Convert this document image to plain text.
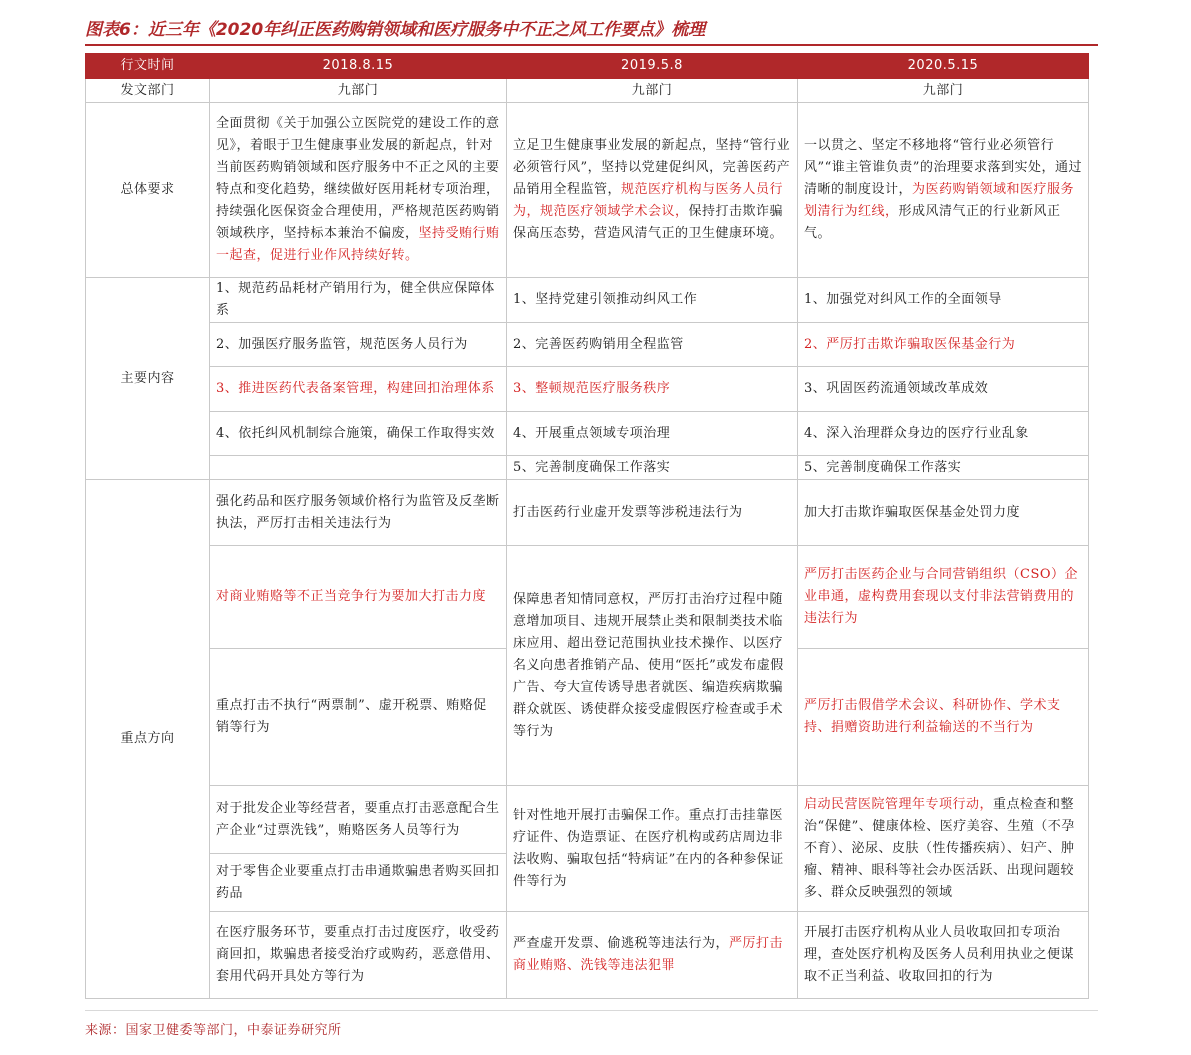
图表6：近三年《2020年纠正医药购销领域和医疗服务中不正之风工作要点》梳理
行文时间	2018.8.15	2019.5.8	2020.5.15
发文部门	九部门	九部门	九部门
总体要求	全面贯彻《关于加强公立医院党的建设工作的意见》，着眼于卫生健康事业发展的新起点，针对当前医药购销领域和医疗服务中不正之风的主要特点和变化趋势，继续做好医用耗材专项治理，持续强化医保资金合理使用，严格规范医药购销领域秩序，坚持标本兼治不偏废，坚持受贿行贿一起查，促进行业作风持续好转。	立足卫生健康事业发展的新起点，坚持“管行业必须管行风”，坚持以党建促纠风，完善医药产品销用全程监管，规范医疗机构与医务人员行为，规范医疗领域学术会议，保持打击欺诈骗保高压态势，营造风清气正的卫生健康环境。	一以贯之、坚定不移地将“管行业必须管行风”“谁主管谁负责”的治理要求落到实处，通过清晰的制度设计，为医药购销领域和医疗服务划清行为红线，形成风清气正的行业新风正气。
主要内容	1、规范药品耗材产销用行为，健全供应保障体系	1、坚持党建引领推动纠风工作	1、加强党对纠风工作的全面领导
	2、加强医疗服务监管，规范医务人员行为	2、完善医药购销用全程监管	2、严厉打击欺诈骗取医保基金行为
	3、推进医药代表备案管理，构建回扣治理体系	3、整顿规范医疗服务秩序	3、巩固医药流通领域改革成效
	4、依托纠风机制综合施策，确保工作取得实效	4、开展重点领域专项治理	4、深入治理群众身边的医疗行业乱象
		5、完善制度确保工作落实	5、完善制度确保工作落实
重点方向	强化药品和医疗服务领域价格行为监管及反垄断执法，严厉打击相关违法行为	打击医药行业虚开发票等涉税违法行为	加大打击欺诈骗取医保基金处罚力度
	对商业贿赂等不正当竞争行为要加大打击力度	保障患者知情同意权，严厉打击治疗过程中随意增加项目、违规开展禁止类和限制类技术临床应用、超出登记范围执业技术操作、以医疗名义向患者推销产品、使用“医托”或发布虚假广告、夸大宣传诱导患者就医、编造疾病欺骗群众就医、诱使群众接受虚假医疗检查或手术等行为	严厉打击医药企业与合同营销组织（CSO）企业串通，虚构费用套现以支付非法营销费用的违法行为
	重点打击不执行“两票制”、虚开税票、贿赂促销等行为		严厉打击假借学术会议、科研协作、学术支持、捐赠资助进行利益输送的不当行为
	对于批发企业等经营者，要重点打击恶意配合生产企业“过票洗钱”，贿赂医务人员等行为	针对性地开展打击骗保工作。重点打击挂靠医疗证件、伪造票证、在医疗机构或药店周边非法收购、骗取包括“特病证”在内的各种参保证件等行为	启动民营医院管理年专项行动，重点检查和整治“保健”、健康体检、医疗美容、生殖（不孕不育）、泌尿、皮肤（性传播疾病）、妇产、肿瘤、精神、眼科等社会办医活跃、出现问题较多、群众反映强烈的领域
	对于零售企业要重点打击串通欺骗患者购买回扣药品		
	在医疗服务环节，要重点打击过度医疗，收受药商回扣，欺骗患者接受治疗或购药，恶意借用、套用代码开具处方等行为	严查虚开发票、偷逃税等违法行为，严厉打击商业贿赂、洗钱等违法犯罪	开展打击医疗机构从业人员收取回扣专项治理，查处医疗机构及医务人员利用执业之便谋取不正当利益、收取回扣的行为
来源：国家卫健委等部门，中泰证券研究所
